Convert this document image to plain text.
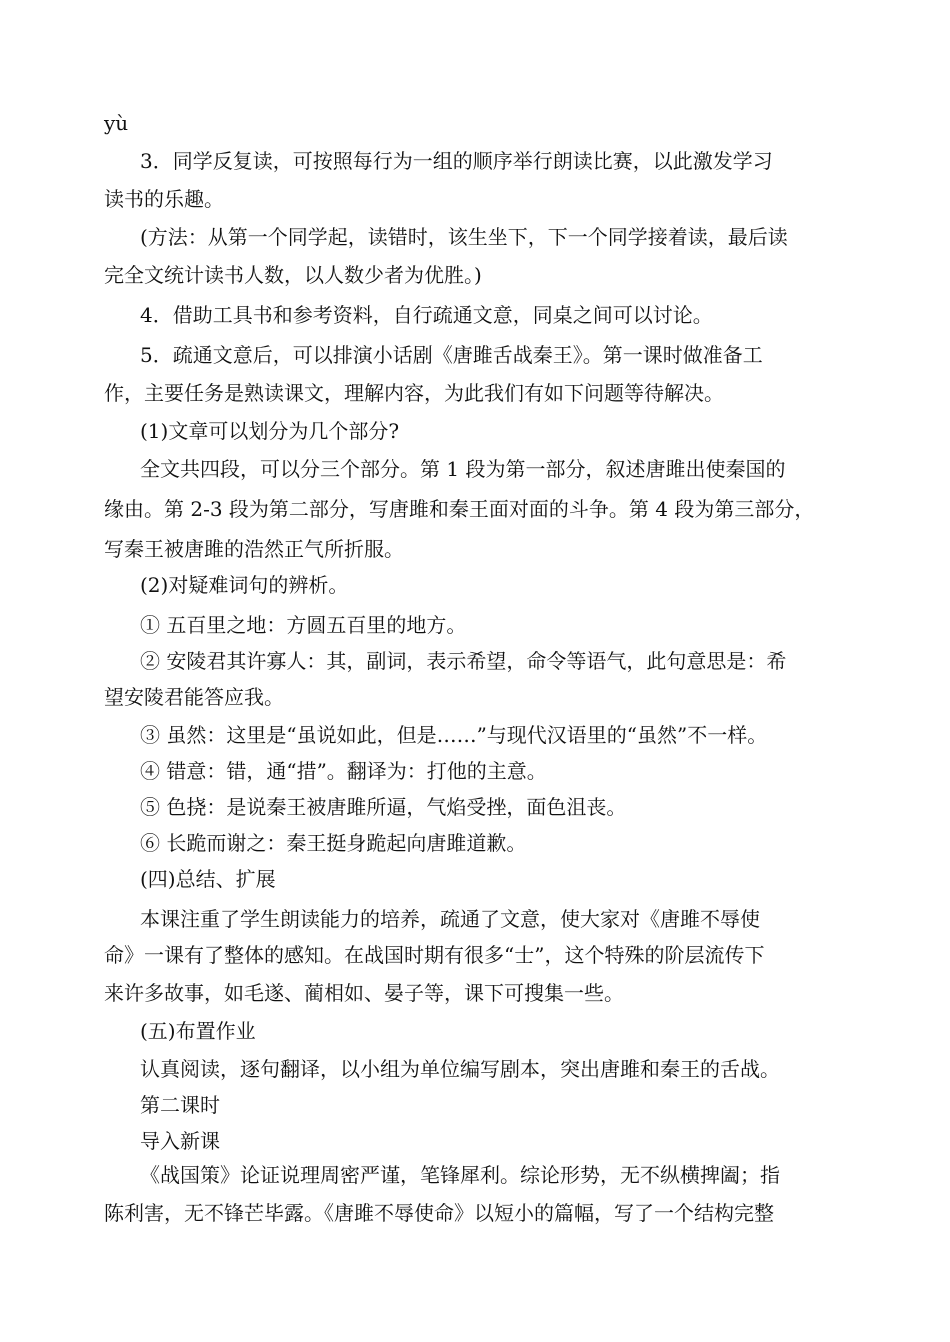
yù
3．同学反复读，可按照每行为一组的顺序举行朗读比赛，以此激发学习
读书的乐趣。
(方法：从第一个同学起，读错时，该生坐下，下一个同学接着读，最后读
完全文统计读书人数，以人数少者为优胜。)
4．借助工具书和参考资料，自行疏通文意，同桌之间可以讨论。
5．疏通文意后，可以排演小话剧《唐雎舌战秦王》。第一课时做准备工
作，主要任务是熟读课文，理解内容，为此我们有如下问题等待解决。
(1)文章可以划分为几个部分?
全文共四段，可以分三个部分。第 1 段为第一部分，叙述唐雎出使秦国的
缘由。第 2-3 段为第二部分，写唐雎和秦王面对面的斗争。第 4 段为第三部分，
写秦王被唐雎的浩然正气所折服。
(2)对疑难词句的辨析。
① 五百里之地：方圆五百里的地方。
② 安陵君其许寡人：其，副词，表示希望，命令等语气，此句意思是：希
望安陵君能答应我。
③ 虽然：这里是“虽说如此，但是……”与现代汉语里的“虽然”不一样。
④ 错意：错，通“措”。翻译为：打他的主意。
⑤ 色挠：是说秦王被唐雎所逼，气焰受挫，面色沮丧。
⑥ 长跪而谢之：秦王挺身跪起向唐雎道歉。
(四)总结、扩展
本课注重了学生朗读能力的培养，疏通了文意，使大家对《唐雎不辱使
命》一课有了整体的感知。在战国时期有很多“士”，这个特殊的阶层流传下
来许多故事，如毛遂、蔺相如、晏子等，课下可搜集一些。
(五)布置作业
认真阅读，逐句翻译，以小组为单位编写剧本，突出唐雎和秦王的舌战。
第二课时
导入新课
《战国策》论证说理周密严谨，笔锋犀利。综论形势，无不纵横捭阖；指
陈利害，无不锋芒毕露。《唐雎不辱使命》以短小的篇幅，写了一个结构完整
